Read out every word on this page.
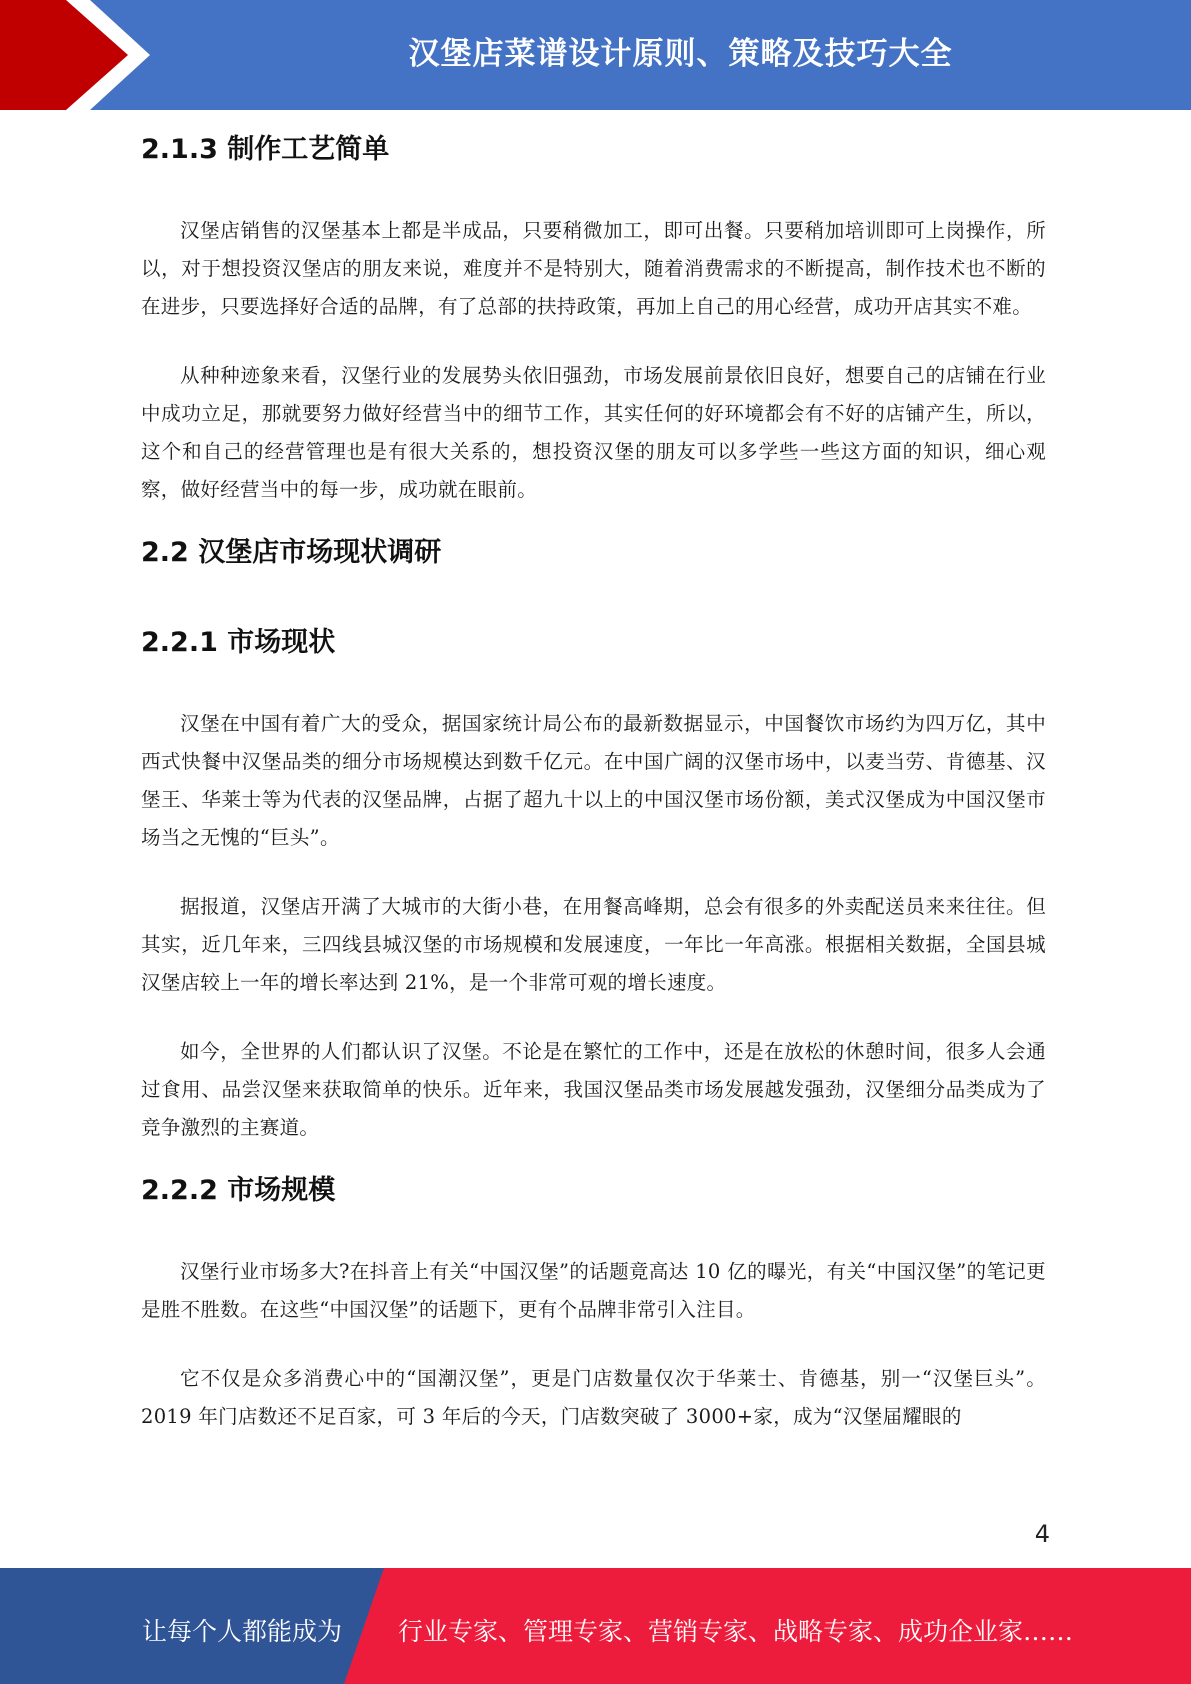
汉堡店菜谱设计原则、策略及技巧大全
2.1.3 制作工艺简单

汉堡店销售的汉堡基本上都是半成品，只要稍微加工，即可出餐。只要稍加培训即可上岗操作，所以，对于想投资汉堡店的朋友来说，难度并不是特别大，随着消费需求的不断提高，制作技术也不断的在进步，只要选择好合适的品牌，有了总部的扶持政策，再加上自己的用心经营，成功开店其实不难。

从种种迹象来看，汉堡行业的发展势头依旧强劲，市场发展前景依旧良好，想要自己的店铺在行业中成功立足，那就要努力做好经营当中的细节工作，其实任何的好环境都会有不好的店铺产生，所以，这个和自己的经营管理也是有很大关系的，想投资汉堡的朋友可以多学些一些这方面的知识，细心观察，做好经营当中的每一步，成功就在眼前。

2.2 汉堡店市场现状调研
2.2.1 市场现状

汉堡在中国有着广大的受众，据国家统计局公布的最新数据显示，中国餐饮市场约为四万亿，其中西式快餐中汉堡品类的细分市场规模达到数千亿元。在中国广阔的汉堡市场中，以麦当劳、肯德基、汉堡王、华莱士等为代表的汉堡品牌，占据了超九十以上的中国汉堡市场份额，美式汉堡成为中国汉堡市场当之无愧的“巨头”。

据报道，汉堡店开满了大城市的大街小巷，在用餐高峰期，总会有很多的外卖配送员来来往往。但其实，近几年来，三四线县城汉堡的市场规模和发展速度，一年比一年高涨。根据相关数据，全国县城汉堡店较上一年的增长率达到 21%，是一个非常可观的增长速度。

如今，全世界的人们都认识了汉堡。不论是在繁忙的工作中，还是在放松的休憩时间，很多人会通过食用、品尝汉堡来获取简单的快乐。近年来，我国汉堡品类市场发展越发强劲，汉堡细分品类成为了竞争激烈的主赛道。

2.2.2 市场规模

汉堡行业市场多大?在抖音上有关“中国汉堡”的话题竟高达 10 亿的曝光，有关“中国汉堡”的笔记更是胜不胜数。在这些“中国汉堡”的话题下，更有个品牌非常引入注目。

它不仅是众多消费心中的“国潮汉堡”，更是门店数量仅次于华莱士、肯德基，别一“汉堡巨头”。2019 年门店数还不足百家，可 3 年后的今天，门店数突破了 3000+家，成为“汉堡届耀眼的

4
让每个人都能成为 行业专家、管理专家、营销专家、战略专家、成功企业家……
